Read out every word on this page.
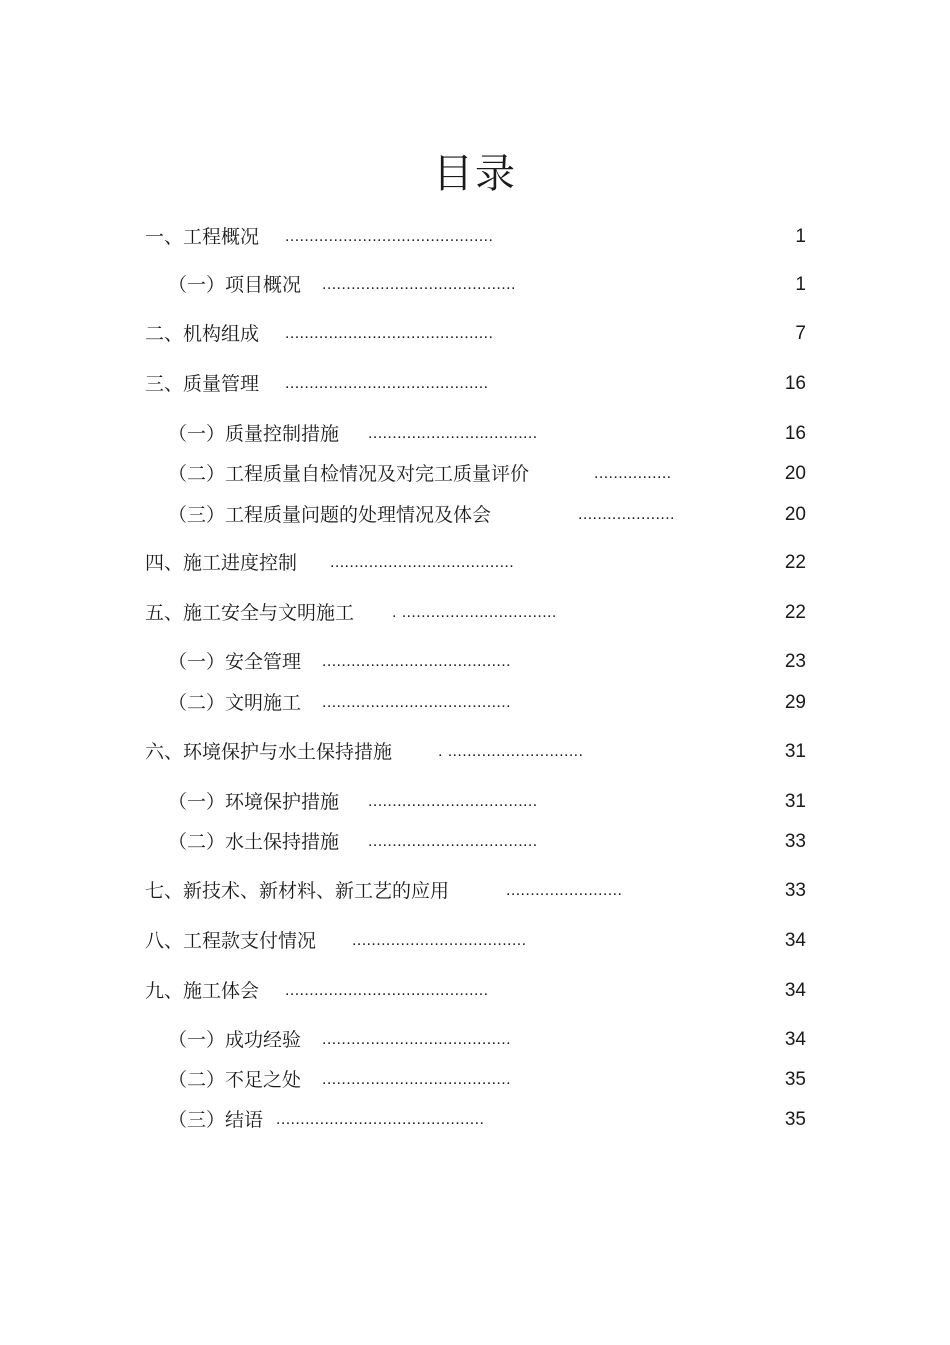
目录
一、工程概况 ...........................................	1
（一）项目概况 ........................................	1
二、机构组成 ...........................................	7
三、质量管理 ..........................................	16
（一）质量控制措施 ...................................	16
（二）工程质量自检情况及对完工质量评价	................	20
（三）工程质量问题的处理情况及体会	....................	20
四、施工进度控制 ......................................	22
五、施工安全与文明施工 . ................................	22
（一）安全管理 .......................................	23
（二）文明施工 .......................................	29
六、环境保护与水土保持措施	. ............................	31
（一）环境保护措施 ...................................	31
（二）水土保持措施 ...................................	33
七、新技术、新材料、新工艺的应用	........................	33
八、工程款支付情况 ....................................	34
九、施工体会 ..........................................	34
（一）成功经验 .......................................	34
（二）不足之处 .......................................	35
（三）结语 ...........................................	35
